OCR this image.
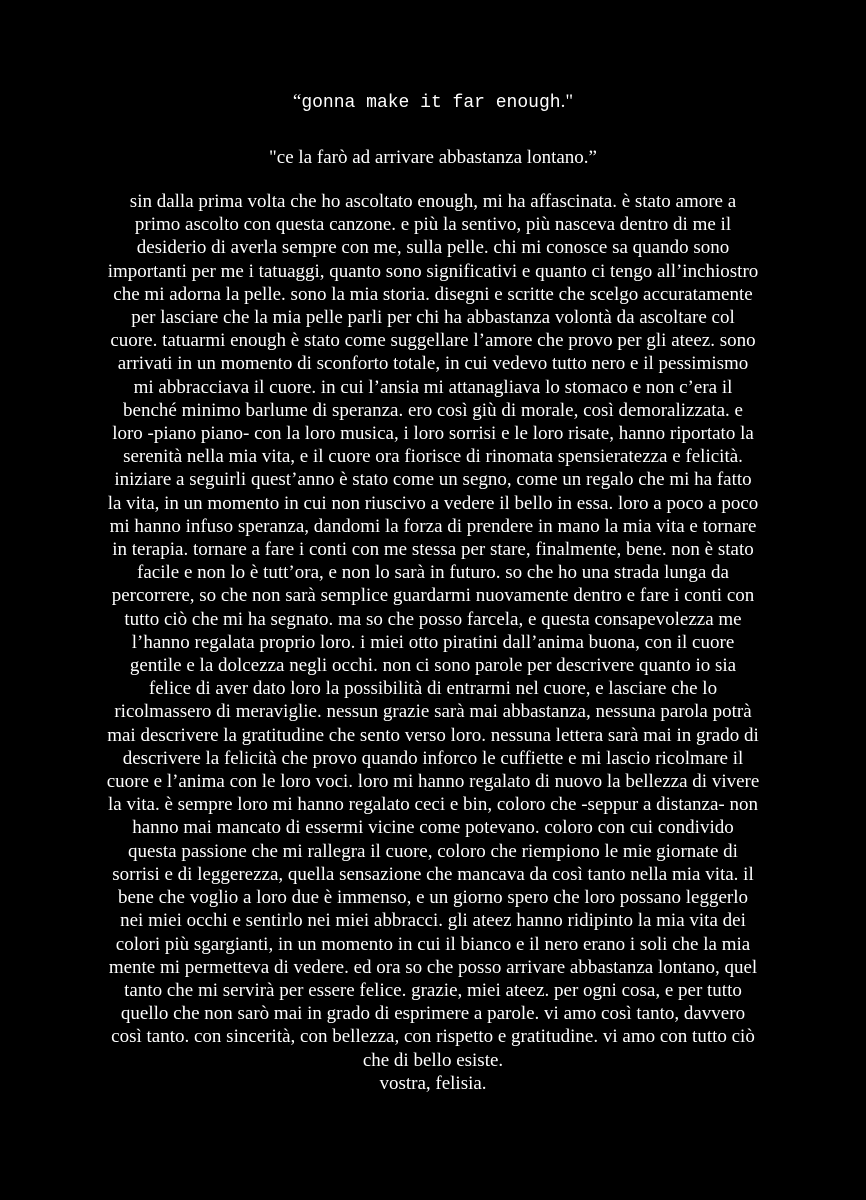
“gonna make it far enough."
"ce la farò ad arrivare abbastanza lontano.”
sin dalla prima volta che ho ascoltato enough, mi ha affascinata. è stato amore a
primo ascolto con questa canzone. e più la sentivo, più nasceva dentro di me il
desiderio di averla sempre con me, sulla pelle. chi mi conosce sa quando sono
importanti per me i tatuaggi, quanto sono significativi e quanto ci tengo all’inchiostro
che mi adorna la pelle. sono la mia storia. disegni e scritte che scelgo accuratamente
per lasciare che la mia pelle parli per chi ha abbastanza volontà da ascoltare col
cuore. tatuarmi enough è stato come suggellare l’amore che provo per gli ateez. sono
arrivati in un momento di sconforto totale, in cui vedevo tutto nero e il pessimismo
mi abbracciava il cuore. in cui l’ansia mi attanagliava lo stomaco e non c’era il
benché minimo barlume di speranza. ero così giù di morale, così demoralizzata. e
loro -piano piano- con la loro musica, i loro sorrisi e le loro risate, hanno riportato la
serenità nella mia vita, e il cuore ora fiorisce di rinomata spensieratezza e felicità.
iniziare a seguirli quest’anno è stato come un segno, come un regalo che mi ha fatto
la vita, in un momento in cui non riuscivo a vedere il bello in essa. loro a poco a poco
mi hanno infuso speranza, dandomi la forza di prendere in mano la mia vita e tornare
in terapia. tornare a fare i conti con me stessa per stare, finalmente, bene. non è stato
facile e non lo è tutt’ora, e non lo sarà in futuro. so che ho una strada lunga da
percorrere, so che non sarà semplice guardarmi nuovamente dentro e fare i conti con
tutto ciò che mi ha segnato. ma so che posso farcela, e questa consapevolezza me
l’hanno regalata proprio loro. i miei otto piratini dall’anima buona, con il cuore
gentile e la dolcezza negli occhi. non ci sono parole per descrivere quanto io sia
felice di aver dato loro la possibilità di entrarmi nel cuore, e lasciare che lo
ricolmassero di meraviglie. nessun grazie sarà mai abbastanza, nessuna parola potrà
mai descrivere la gratitudine che sento verso loro. nessuna lettera sarà mai in grado di
descrivere la felicità che provo quando inforco le cuffiette e mi lascio ricolmare il
cuore e l’anima con le loro voci. loro mi hanno regalato di nuovo la bellezza di vivere
la vita. è sempre loro mi hanno regalato ceci e bin, coloro che -seppur a distanza- non
hanno mai mancato di essermi vicine come potevano. coloro con cui condivido
questa passione che mi rallegra il cuore, coloro che riempiono le mie giornate di
sorrisi e di leggerezza, quella sensazione che mancava da così tanto nella mia vita. il
bene che voglio a loro due è immenso, e un giorno spero che loro possano leggerlo
nei miei occhi e sentirlo nei miei abbracci. gli ateez hanno ridipinto la mia vita dei
colori più sgargianti, in un momento in cui il bianco e il nero erano i soli che la mia
mente mi permetteva di vedere. ed ora so che posso arrivare abbastanza lontano, quel
tanto che mi servirà per essere felice. grazie, miei ateez. per ogni cosa, e per tutto
quello che non sarò mai in grado di esprimere a parole. vi amo così tanto, davvero
così tanto. con sincerità, con bellezza, con rispetto e gratitudine. vi amo con tutto ciò
che di bello esiste.
vostra, felisia.
